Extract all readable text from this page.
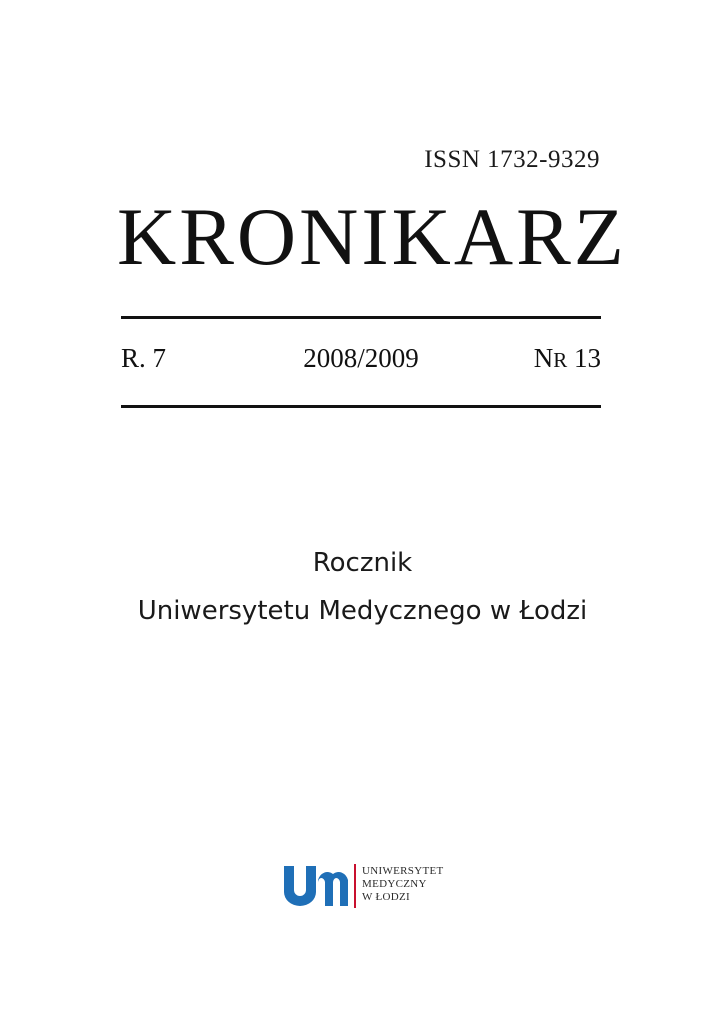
ISSN 1732-9329
KRONIKARZ
R. 7	2008/2009	NR 13
Rocznik
Uniwersytetu Medycznego w Łodzi
UNIWERSYTET
MEDYCZNY
W ŁODZI
